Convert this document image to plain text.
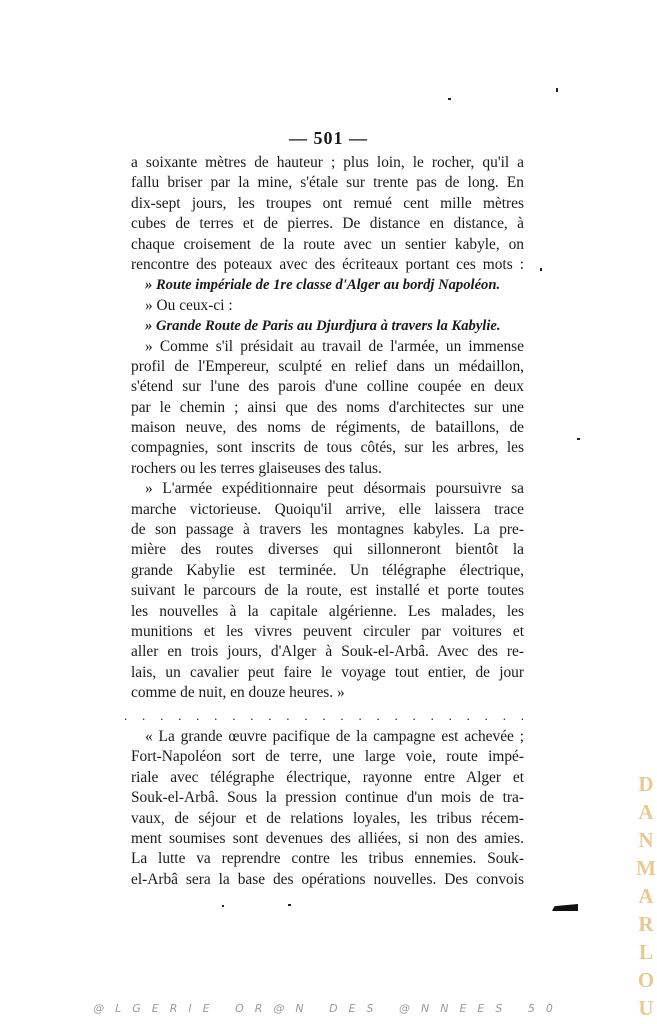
— 501 —
a soixante mètres de hauteur ; plus loin, le rocher, qu'il a
fallu briser par la mine, s'étale sur trente pas de long. En
dix-sept jours, les troupes ont remué cent mille mètres
cubes de terres et de pierres. De distance en distance, à
chaque croisement de la route avec un sentier kabyle, on
rencontre des poteaux avec des écriteaux portant ces mots :
» Route impériale de 1re classe d'Alger au bordj Napoléon.
» Ou ceux-ci :
» Grande Route de Paris au Djurdjura à travers la Kabylie.
» Comme s'il présidait au travail de l'armée, un immense
profil de l'Empereur, sculpté en relief dans un médaillon,
s'étend sur l'une des parois d'une colline coupée en deux
par le chemin ; ainsi que des noms d'architectes sur une
maison neuve, des noms de régiments, de bataillons, de
compagnies, sont inscrits de tous côtés, sur les arbres, les
rochers ou les terres glaiseuses des talus.
» L'armée expéditionnaire peut désormais poursuivre sa
marche victorieuse. Quoiqu'il arrive, elle laissera trace
de son passage à travers les montagnes kabyles. La pre-
mière des routes diverses qui sillonneront bientôt la
grande Kabylie est terminée. Un télégraphe électrique,
suivant le parcours de la route, est installé et porte toutes
les nouvelles à la capitale algérienne. Les malades, les
munitions et les vivres peuvent circuler par voitures et
aller en trois jours, d'Alger à Souk-el-Arbâ. Avec des re-
lais, un cavalier peut faire le voyage tout entier, de jour
comme de nuit, en douze heures. »
. . . . . . . . . . . . . . . . . . . . . . .
« La grande œuvre pacifique de la campagne est achevée ;
Fort-Napoléon sort de terre, une large voie, route impé-
riale avec télégraphe électrique, rayonne entre Alger et
Souk-el-Arbâ. Sous la pression continue d'un mois de tra-
vaux, de séjour et de relations loyales, les tribus récem-
ment soumises sont devenues des alliées, si non des amies.
La lutte va reprendre contre les tribus ennemies. Souk-
el-Arbâ sera la base des opérations nouvelles. Des convois
D
A
N
M
A
R
L
O
U
@LGERIE OR@N DES @NNEES 50
